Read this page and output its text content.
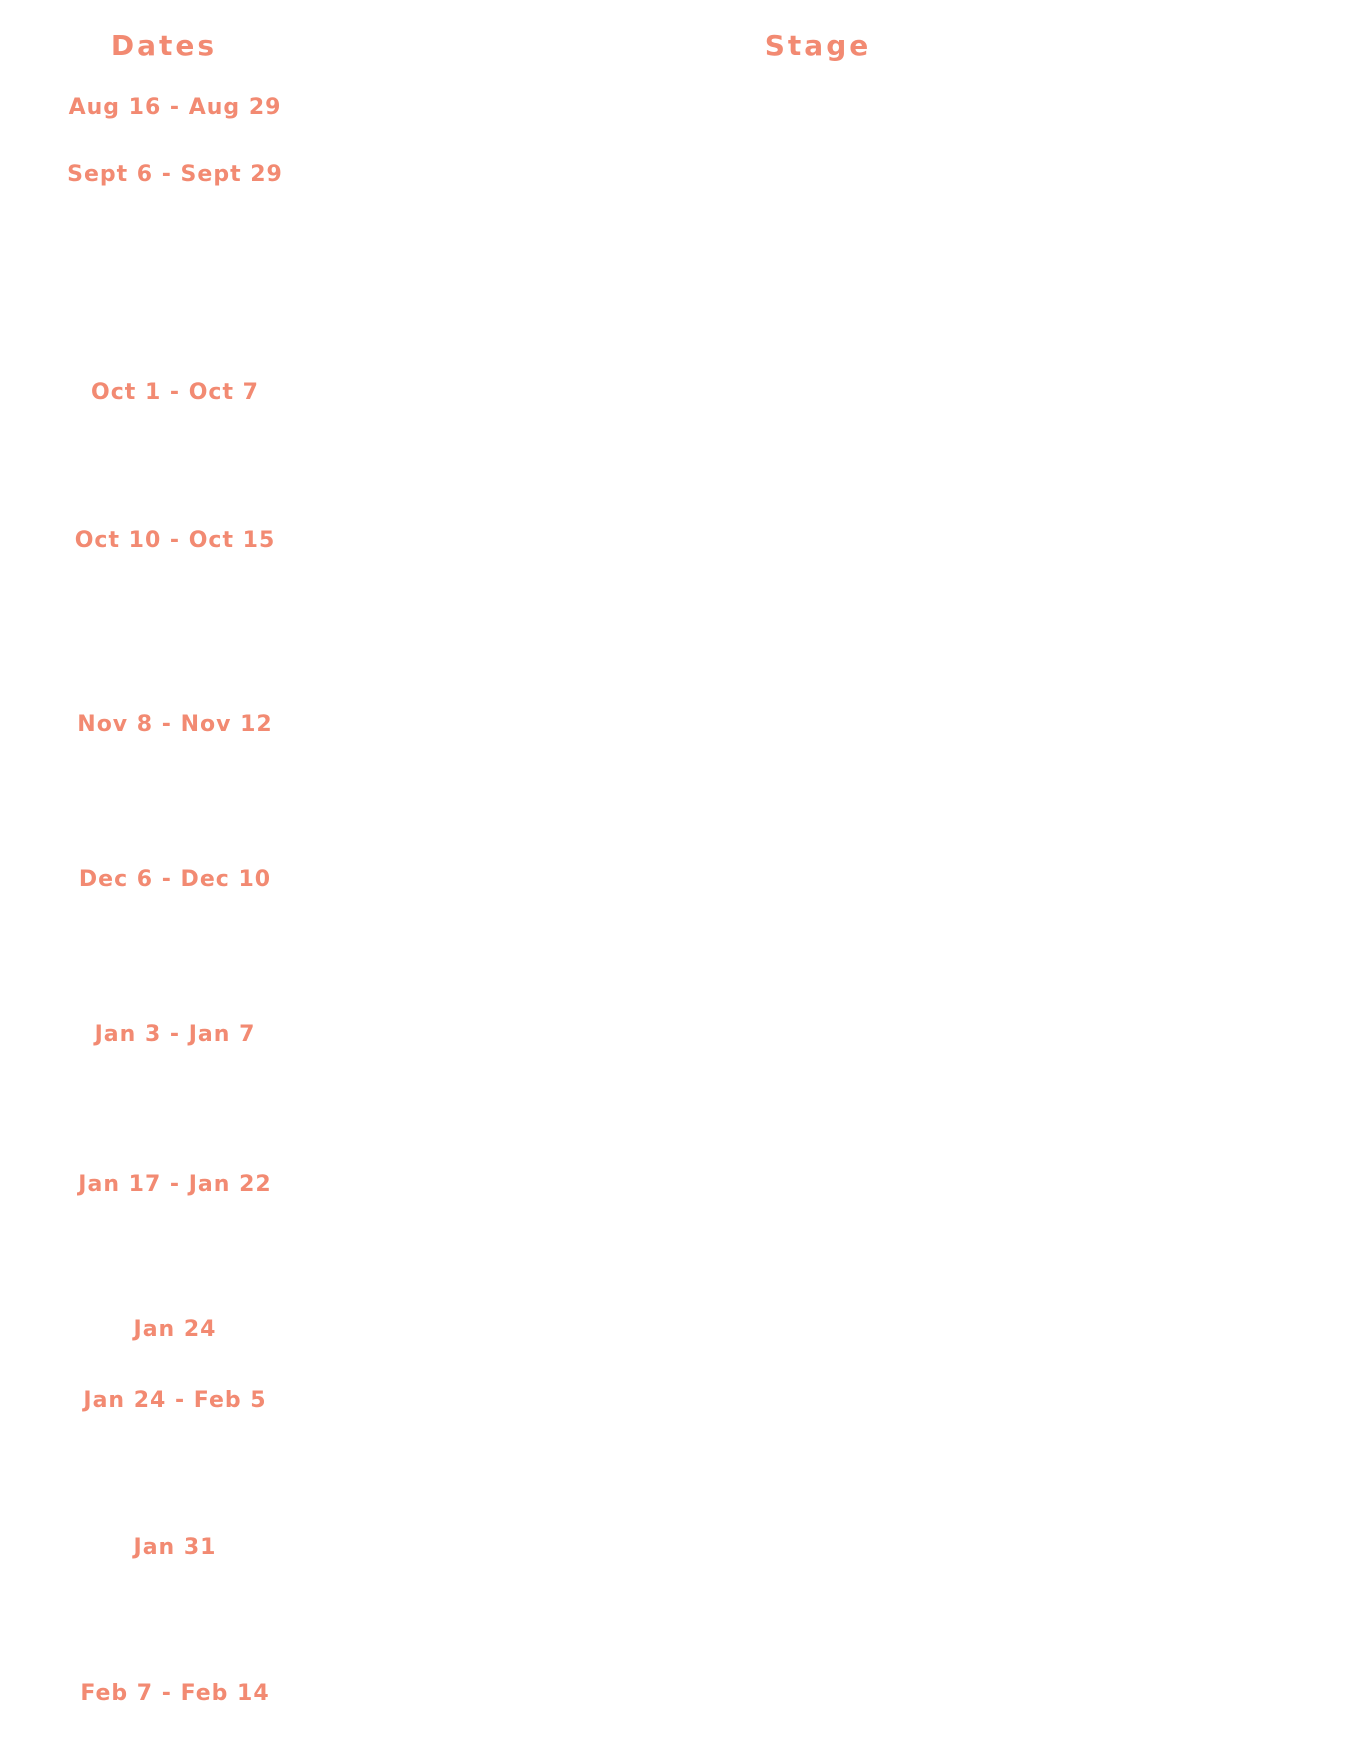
Dates	Stage
Aug 16 - Aug 29
Sept 6 - Sept 29
Oct 1 - Oct 7
Oct 10 - Oct 15
Nov 8 - Nov 12
Dec 6 - Dec 10
Jan 3 - Jan 7
Jan 17 - Jan 22
Jan 24
Jan 24 - Feb 5
Jan 31
Feb 7 - Feb 14
